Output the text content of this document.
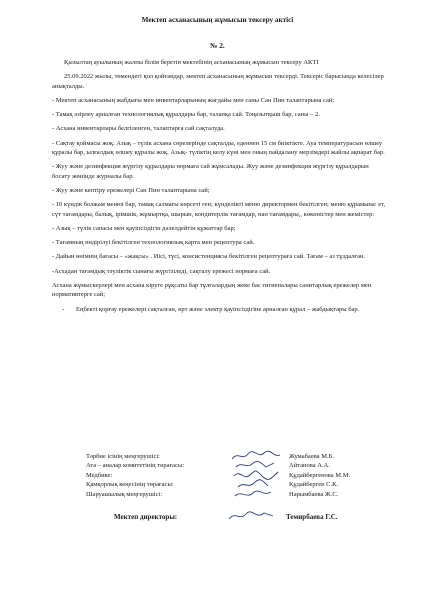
Мектеп асханасының жұмысын тексеру актісі
№ 2.

Қызылтаң ауылының жалпы білім беретін мектебінің асханасының жұмысын тексеру АКТІ

25.09.2022 жылы, төмендегі қол қойғандар, мектеп асханасының жұмысын тексерді. Тексеріс барысында келесілер анықталды.

- Мектеп асханасының жабдығы мен инвентарларының жағдайы мен саны Сан Пин талаптарына сай;

- Тамақ әзірлеу арналған технологиялық құралдары бар, талапқа сай. Тоңазытқыш бар, саны – 2.

- Асхана инвентарлары белгіленген, талаптарға сай сақталуда.

- Сақтау қоймасы жоқ. Азық – түлік асхана сөрелерінде сақталды, еденнен 15 см биіктікте. Ауа температурасын өлшеу құралы бар, ылғалдық өлшеу құралы жоқ. Азық- түліктің келу күні мен оның пайдалану мерзімдері жайлы ақпарат бар.

- Жуу және дезинфекция жүргізу құралдары нормаға сай жұмсалады. Жуу және дезинфекция жүргізу құралдарын босату жөнінде журналы бар.

- Жуу және кептіру ережелері Сан Пин талаптарына сай;

- 10 күндік болжам менюі бар, тамақ салмағы көрсеті ген; күнделікті меню директормен бекітілген; меню құрамына: ет, сүт тағамдары, балық, ірімшік, жұмыртқа, шырын, кондитерлік тағамдар, нан тағамдары,, көкөністер мен жемістер:

- Азық – түлік сапасы мен қауіпсіздігін дәлелдейтін құжаттар бар;

- Тағамның өндірілуі бекітілген технологиялық карта мен рецептура сай.

- Дайын өнімнің бағасы – «жақсы» . Иісі, түсі, консистенциясы бекітілген рецептураға сай. Тағам – аз тұздалған.

-Асхадан тағамдық тәуліктік сынағы жүргізіледі, сақталу ережесі нормаға сай.

Асхана жұмыскерлері мен асхана кіруге рұқсаты бар тұлғалардың жеке бас гигиеналары санитарлық ережелер мен нормативтерге сай;

-	Еңбекті қорғау ережелері сақталған, өрт және электр қауіпсіздігіне арналған құрал – жабдықтары бар.
Тәрбие ісінің меңгерушісі:	Жумабаева М.Б.
Ата – аналар комитетінің төрағасы:	Айтанова А.А.
Медбике:	Құдайбергенова М.М.
Қамқорлық кеңесінің төрағасы:	Құдайберген С.К.
Шаруашылық меңгерушісі:	Нарымбаева Ж.С.
Мектеп директоры:	Темирбаева Г.С.
